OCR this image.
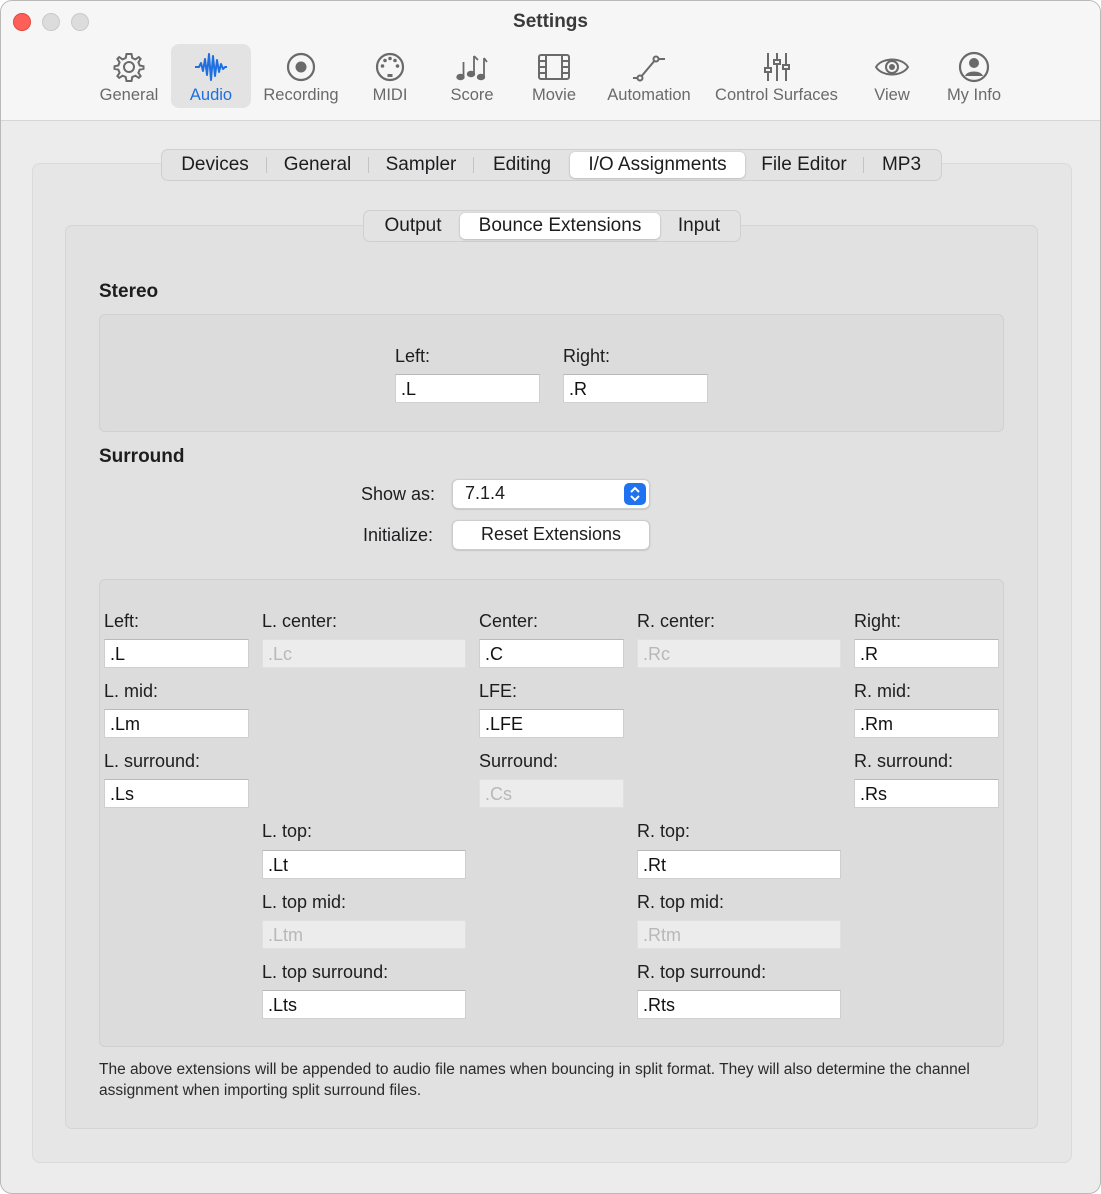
Settings
General Audio Recording MIDI	Score Movie Automation Control Surfaces View My Info
Devices	General	Sampler	Editing	I/O Assignments	File Editor	MP3
Output	Bounce Extensions	Input
Stereo
Left:
.L	Right:
.R
Surround
Show as:	7.1.4
Initialize:	Reset Extensions
Left:
.L
L. mid:
.Lm
L. surround:
.Ls
L. center:
.Lc
L. top:
.Lt
L. top mid:
.Ltm
L. top surround:
.Lts
Center:
.C
LFE:
.LFE
Surround:
.Cs
R. center:
.Rc
R. top:
.Rt
R. top mid:
.Rtm
R. top surround:
.Rts
Right:
.R
R. mid:
.Rm
R. surround:
.Rs
The above extensions will be appended to audio file names when bouncing in split format. They will also determine the channel assignment when importing split surround files.
